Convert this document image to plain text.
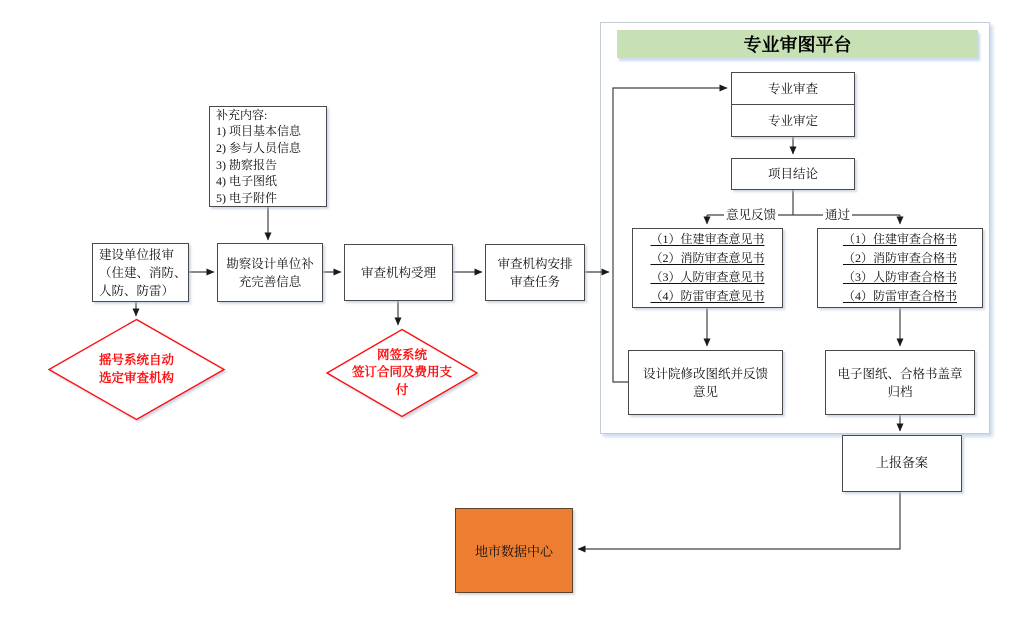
专业审图平台
建设单位报审
（住建、消防、
人防、防雷）
补充内容:
1) 项目基本信息
2) 参与人员信息
3) 勘察报告
4) 电子图纸
5) 电子附件
勘察设计单位补
充完善信息
审查机构受理
审查机构安排
审查任务
摇号系统自动
选定审查机构
网签系统
签订合同及费用支
付
专业审查
专业审定
项目结论
意见反馈	通过
（1）住建审查意见书
（2）消防审查意见书
（3）人防审查意见书
（4）防雷审查意见书
（1）住建审查合格书
（2）消防审查合格书
（3）人防审查合格书
（4）防雷审查合格书
设计院修改图纸并反馈
意见
电子图纸、合格书盖章
归档
上报备案
地市数据中心
